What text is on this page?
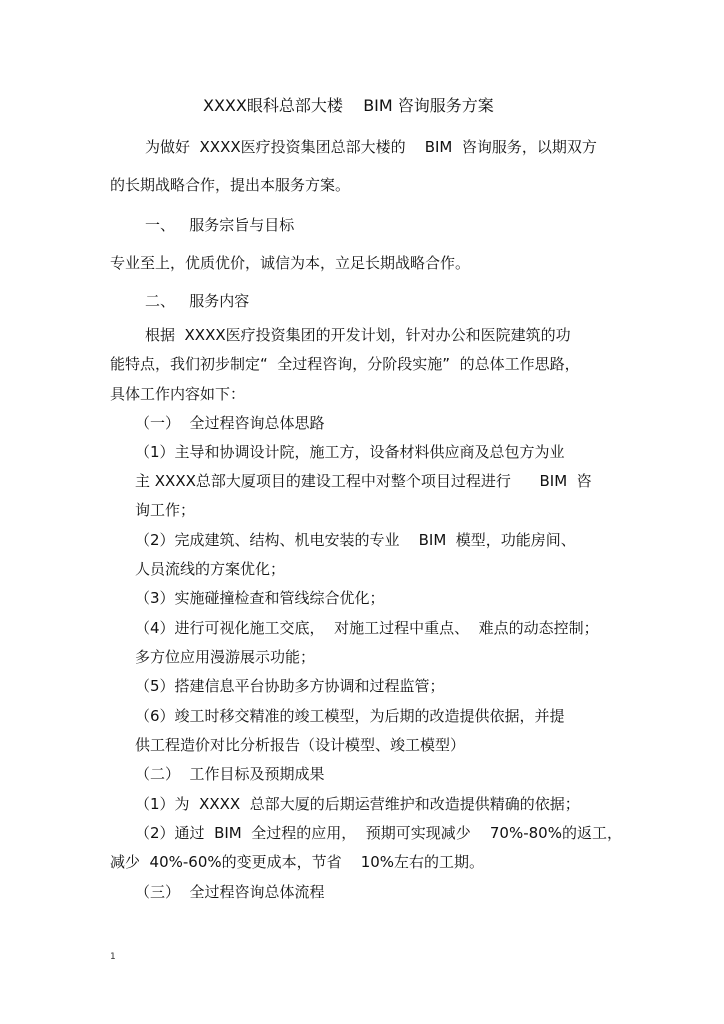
XXXX眼科总部大楼    BIM 咨询服务方案
为做好  XXXX医疗投资集团总部大楼的    BIM  咨询服务，以期双方
的长期战略合作，提出本服务方案。
一、   服务宗旨与目标
专业至上，优质优价，诚信为本，立足长期战略合作。
二、   服务内容
根据  XXXX医疗投资集团的开发计划，针对办公和医院建筑的功
能特点，我们初步制定“  全过程咨询，分阶段实施”  的总体工作思路，
具体工作内容如下：
（一）  全过程咨询总体思路
（1）主导和协调设计院，施工方，设备材料供应商及总包方为业
主 XXXX总部大厦项目的建设工程中对整个项目过程进行      BIM  咨
询工作；
（2）完成建筑、结构、机电安装的专业    BIM  模型，功能房间、
人员流线的方案优化；
（3）实施碰撞检查和管线综合优化；
（4）进行可视化施工交底，  对施工过程中重点、  难点的动态控制；
多方位应用漫游展示功能；
（5）搭建信息平台协助多方协调和过程监管；
（6）竣工时移交精准的竣工模型，为后期的改造提供依据，并提
供工程造价对比分析报告（设计模型、竣工模型）
（二）  工作目标及预期成果
（1）为  XXXX  总部大厦的后期运营维护和改造提供精确的依据；
（2）通过  BIM  全过程的应用，  预期可实现减少    70%-80%的返工，
减少  40%-60%的变更成本，节省    10%左右的工期。
（三）  全过程咨询总体流程
1
